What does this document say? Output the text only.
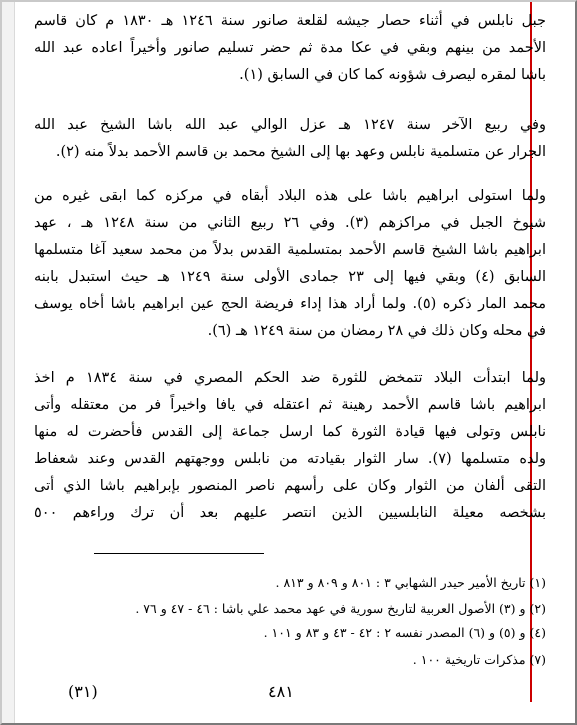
جبل نابلس في أثناء حصار جيشه لقلعة صانور سنة ١٢٤٦ هـ ١٨٣٠ م كان قاسم
الأحمد من بينهم وبقي في عكا مدة ثم حضر تسليم صانور وأخيراً اعاده عبد الله
باشا لمقره ليصرف شؤونه كما كان في السابق (١).
وفي ربيع الآخر سنة ١٢٤٧ هـ عزل الوالي عبد الله باشا الشيخ عبد الله
الجرار عن متسلمية نابلس وعهد بها إلى الشيخ محمد بن قاسم الأحمد بدلاً منه (٢).
ولما استولى ابراهيم باشا على هذه البلاد أبقاه في مركزه كما ابقى غيره من
شيوخ الجبل في مراكزهم (٣). وفي ٢٦ ربيع الثاني من سنة ١٢٤٨ هـ ، عهد
ابراهيم باشا الشيخ قاسم الأحمد بمتسلمية القدس بدلاً من محمد سعيد آغا متسلمها
السابق (٤) وبقي فيها إلى ٢٣ جمادى الأولى سنة ١٢٤٩ هـ حيث استبدل بابنه
محمد المار ذكره (٥). ولما أراد هذا إداء فريضة الحج عين ابراهيم باشا أخاه يوسف
في محله وكان ذلك في ٢٨ رمضان من سنة ١٢٤٩ هـ (٦).
ولما ابتدأت البلاد تتمخض للثورة ضد الحكم المصري في سنة ١٨٣٤ م اخذ
ابراهيم باشا قاسم الأحمد رهينة ثم اعتقله في يافا واخيراً فر من معتقله وأتى
نابلس وتولى فيها قيادة الثورة كما ارسل جماعة إلى القدس فأحضرت له منها
ولده متسلمها (٧). سار الثوار بقيادته من نابلس ووجهتهم القدس وعند شعفاط
التقى ألفان من الثوار وكان على رأسهم ناصر المنصور بإبراهيم باشا الذي أتى
بشخصه معيلة النابلسيين الذين انتصر عليهم بعد أن ترك وراءهم ٥٠٠
(١) تاريخ الأمير حيدر الشهابي ٣ : ٨٠١ و ٨٠٩ و ٨١٣ .
(٢) و (٣) الأصول العربية لتاريخ سورية في عهد محمد علي باشا : ٤٦ - ٤٧ و ٧٦ .
(٤) و (٥) و (٦) المصدر نفسه ٢ : ٤٢ - ٤٣ و ٨٣ و ١٠١ .
(٧) مذكرات تاريخية ١٠٠ .
٤٨١
(٣١)
